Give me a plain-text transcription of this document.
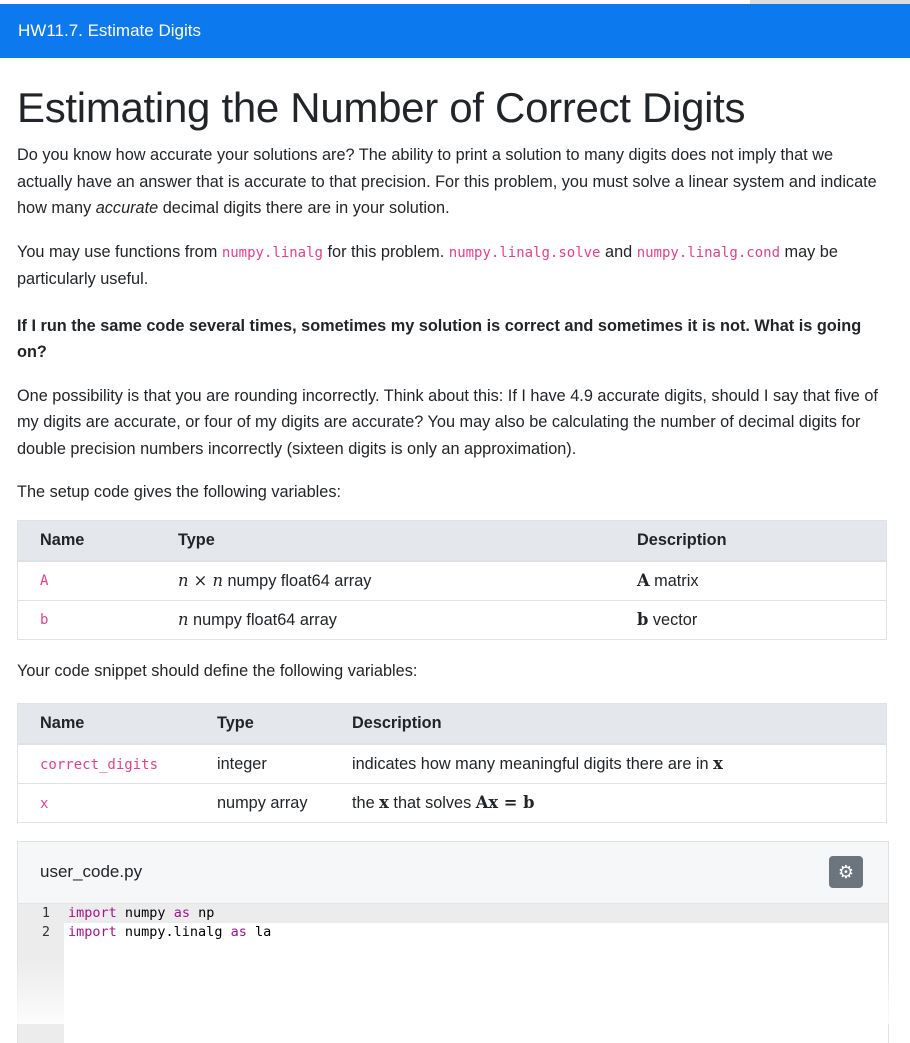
HW11.7. Estimate Digits
Estimating the Number of Correct Digits

Do you know how accurate your solutions are? The ability to print a solution to many digits does not imply that we actually have an answer that is accurate to that precision. For this problem, you must solve a linear system and indicate how many accurate decimal digits there are in your solution.

You may use functions from numpy.linalg for this problem. numpy.linalg.solve and numpy.linalg.cond may be particularly useful.

If I run the same code several times, sometimes my solution is correct and sometimes it is not. What is going on?

One possibility is that you are rounding incorrectly. Think about this: If I have 4.9 accurate digits, should I say that five of my digits are accurate, or four of my digits are accurate? You may also be calculating the number of decimal digits for double precision numbers incorrectly (sixteen digits is only an approximation).

The setup code gives the following variables:

Name	Type	Description
A	n × n numpy float64 array	A matrix
b	n numpy float64 array	b vector

Your code snippet should define the following variables:

Name	Type	Description
correct_digits	integer	indicates how many meaningful digits there are in x
x	numpy array	the x that solves Ax = b
user_code.py	⚙
1 import numpy as np
2 import numpy.linalg as la
